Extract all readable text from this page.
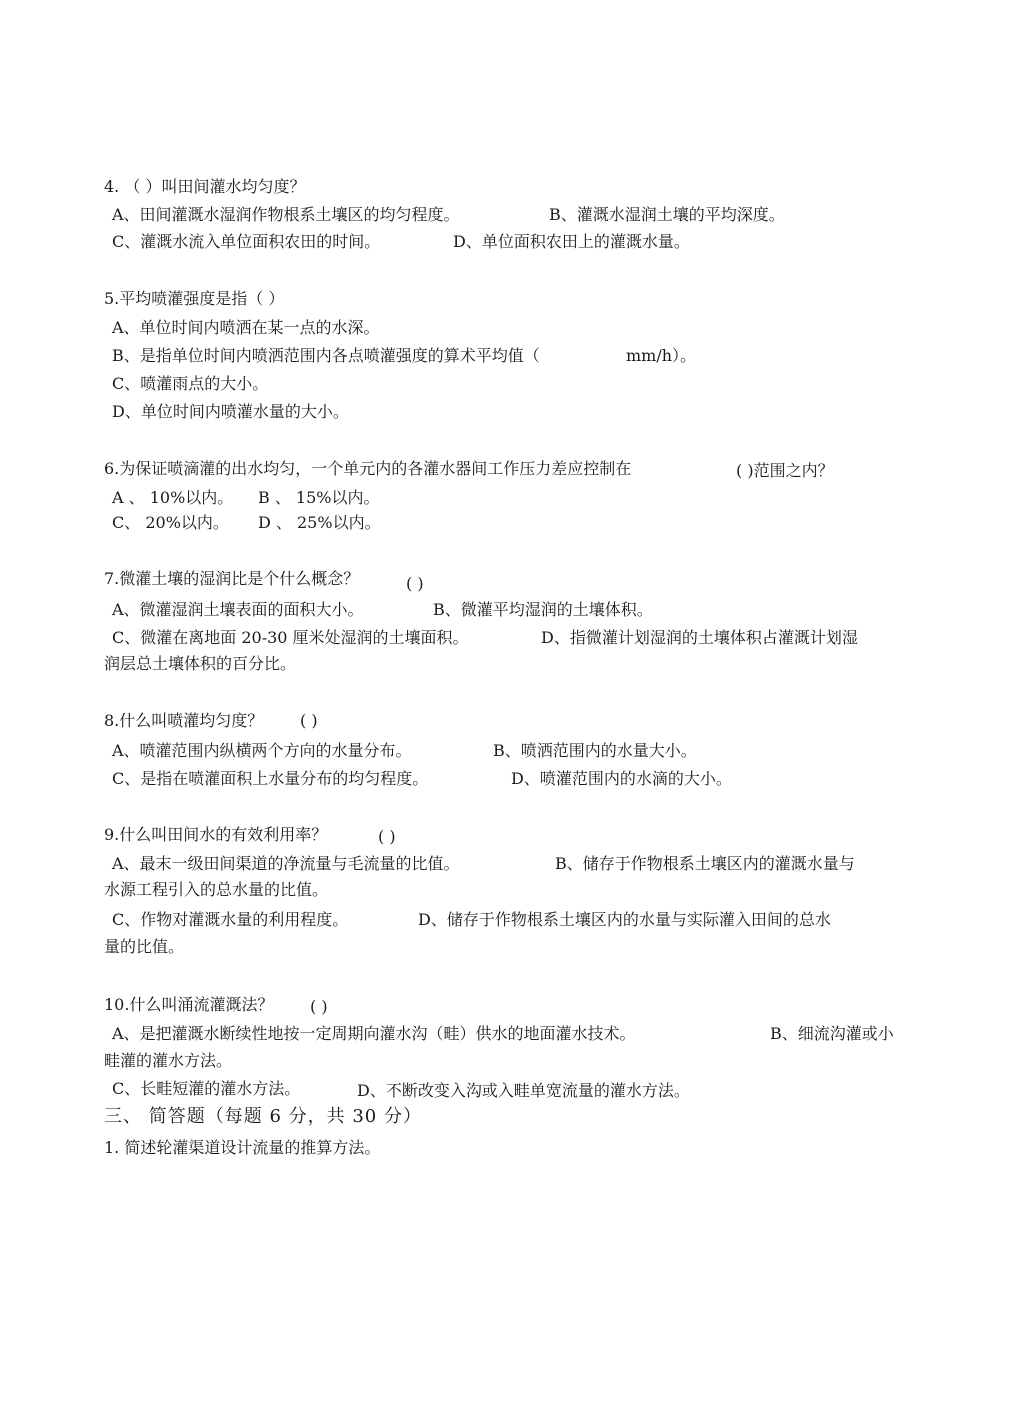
4. （ ）叫田间灌水均匀度？
A、田间灌溉水湿润作物根系土壤区的均匀程度。	B、灌溉水湿润土壤的平均深度。
C、灌溉水流入单位面积农田的时间。	D、单位面积农田上的灌溉水量。
5.平均喷灌强度是指（ ）
A、单位时间内喷洒在某一点的水深。
B、是指单位时间内喷洒范围内各点喷灌强度的算术平均值（	mm/h）。
C、喷灌雨点的大小。
D、单位时间内喷灌水量的大小。
6.为保证喷滴灌的出水均匀，一个单元内的各灌水器间工作压力差应控制在	( )范围之内？
A 、 10%以内。 B 、 15%以内。
C、 20%以内。 D 、 25%以内。
7.微灌土壤的湿润比是个什么概念？	( )
A、微灌湿润土壤表面的面积大小。	B、微灌平均湿润的土壤体积。
C、微灌在离地面 20-30 厘米处湿润的土壤面积。	D、指微灌计划湿润的土壤体积占灌溉计划湿
润层总土壤体积的百分比。
8.什么叫喷灌均匀度？ ( )
A、喷灌范围内纵横两个方向的水量分布。	B、喷洒范围内的水量大小。
C、是指在喷灌面积上水量分布的均匀程度。	D、喷灌范围内的水滴的大小。
9.什么叫田间水的有效利用率？	( )
A、最末一级田间渠道的净流量与毛流量的比值。	B、储存于作物根系土壤区内的灌溉水量与
水源工程引入的总水量的比值。
C、作物对灌溉水量的利用程度。	D、储存于作物根系土壤区内的水量与实际灌入田间的总水
量的比值。
10.什么叫涌流灌溉法？ ( )
A、是把灌溉水断续性地按一定周期向灌水沟（畦）供水的地面灌水技术。	B、细流沟灌或小
畦灌的灌水方法。
C、长畦短灌的灌水方法。	D、不断改变入沟或入畦单宽流量的灌水方法。
三、 简答题（每题 6 分，共 30 分）
1. 简述轮灌渠道设计流量的推算方法。
